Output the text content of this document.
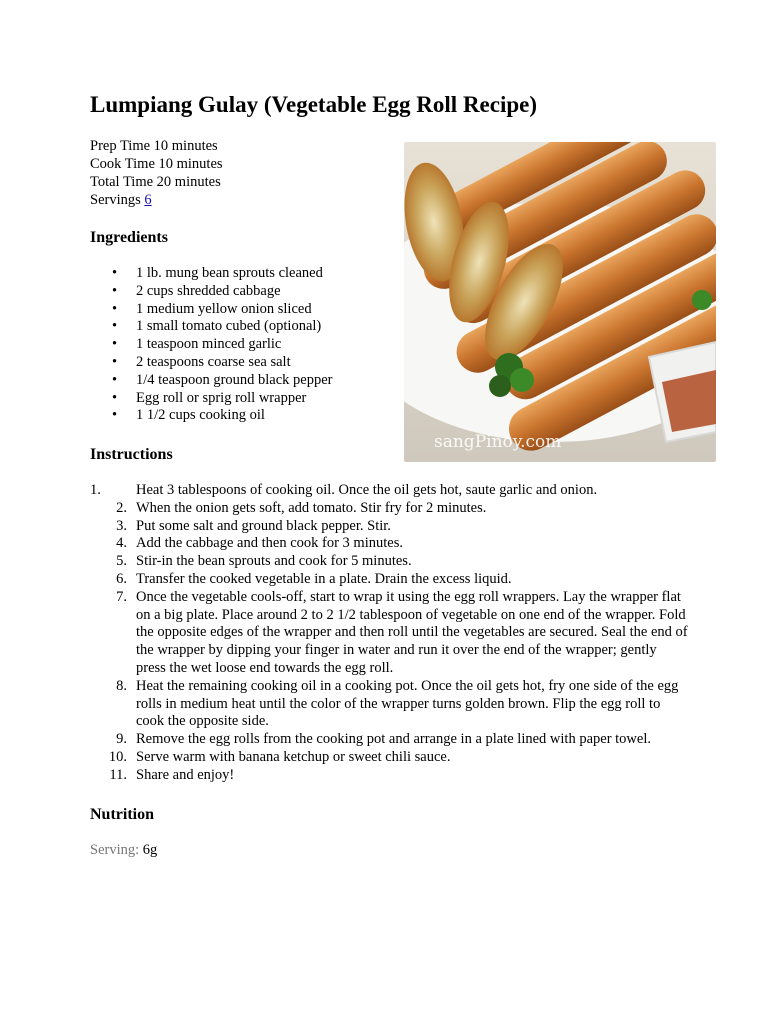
Lumpiang Gulay (Vegetable Egg Roll Recipe)
Prep Time 10 minutes
Cook Time 10 minutes
Total Time 20 minutes
Servings 6
sangPinoy.com
Ingredients
• 1 lb. mung bean sprouts cleaned
• 2 cups shredded cabbage
• 1 medium yellow onion sliced
• 1 small tomato cubed (optional)
• 1 teaspoon minced garlic
• 2 teaspoons coarse sea salt
• 1/4 teaspoon ground black pepper
• Egg roll or sprig roll wrapper
• 1 1/2 cups cooking oil
Instructions
1. Heat 3 tablespoons of cooking oil. Once the oil gets hot, saute garlic and onion.
2. When the onion gets soft, add tomato. Stir fry for 2 minutes.
3. Put some salt and ground black pepper. Stir.
4. Add the cabbage and then cook for 3 minutes.
5. Stir-in the bean sprouts and cook for 5 minutes.
6. Transfer the cooked vegetable in a plate. Drain the excess liquid.
7. Once the vegetable cools-off, start to wrap it using the egg roll wrappers. Lay the wrapper flat on a big plate. Place around 2 to 2 1/2 tablespoon of vegetable on one end of the wrapper. Fold the opposite edges of the wrapper and then roll until the vegetables are secured. Seal the end of the wrapper by dipping your finger in water and run it over the end of the wrapper; gently press the wet loose end towards the egg roll.
8. Heat the remaining cooking oil in a cooking pot. Once the oil gets hot, fry one side of the egg rolls in medium heat until the color of the wrapper turns golden brown. Flip the egg roll to cook the opposite side.
9. Remove the egg rolls from the cooking pot and arrange in a plate lined with paper towel.
10. Serve warm with banana ketchup or sweet chili sauce.
11. Share and enjoy!
Nutrition
Serving: 6g
